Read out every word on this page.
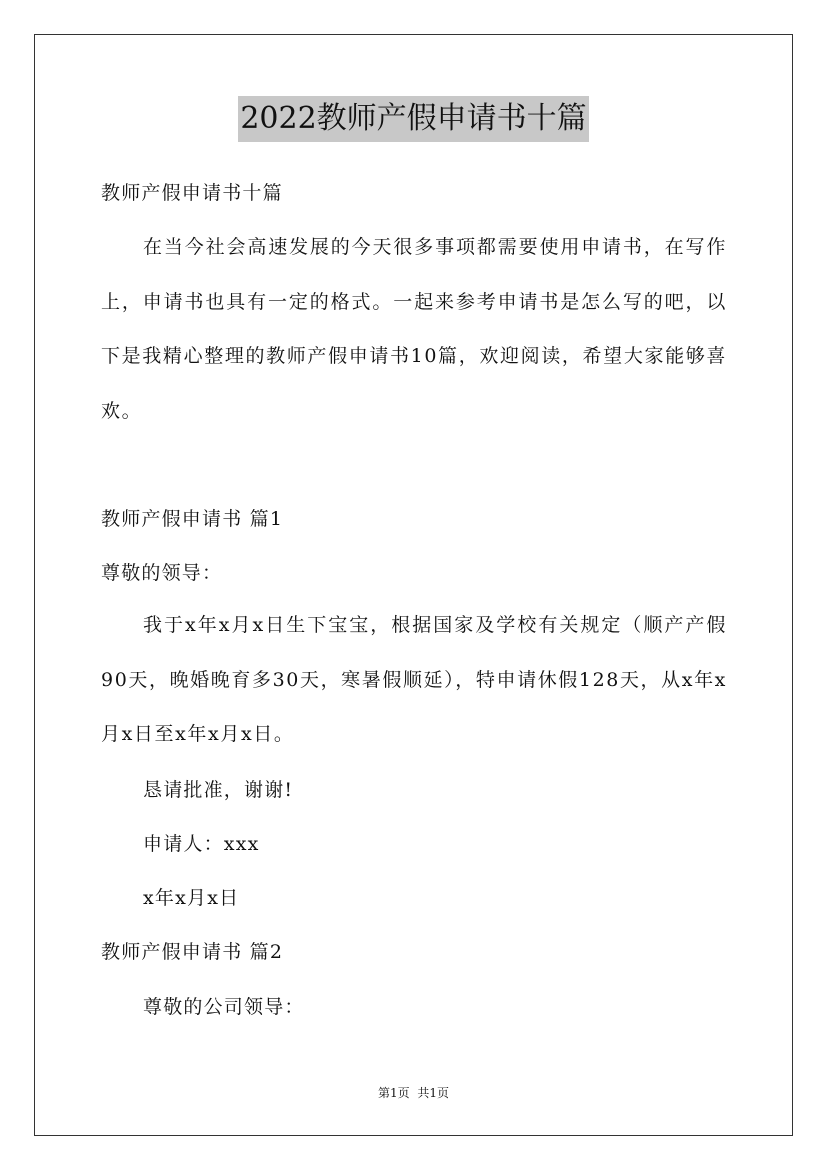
2022教师产假申请书十篇
教师产假申请书十篇
在当今社会高速发展的今天很多事项都需要使用申请书，在写作上，申请书也具有一定的格式。一起来参考申请书是怎么写的吧，以下是我精心整理的教师产假申请书10篇，欢迎阅读，希望大家能够喜欢。
教师产假申请书 篇1
尊敬的领导：
我于x年x月x日生下宝宝，根据国家及学校有关规定（顺产产假90天，晚婚晚育多30天，寒暑假顺延），特申请休假128天，从x年x月x日至x年x月x日。
恳请批准，谢谢!
申请人：xxx
x年x月x日
教师产假申请书 篇2
尊敬的公司领导：
第1页 共1页
